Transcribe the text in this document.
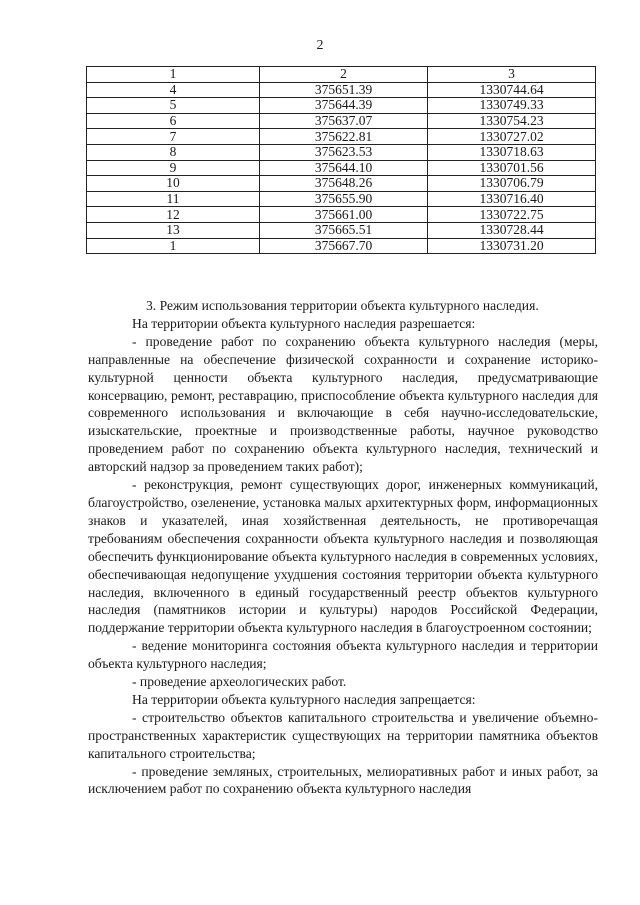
2
1	2	3
4	375651.39	1330744.64
5	375644.39	1330749.33
6	375637.07	1330754.23
7	375622.81	1330727.02
8	375623.53	1330718.63
9	375644.10	1330701.56
10	375648.26	1330706.79
11	375655.90	1330716.40
12	375661.00	1330722.75
13	375665.51	1330728.44
1	375667.70	1330731.20

3. Режим использования территории объекта культурного наследия.

На территории объекта культурного наследия разрешается:

- проведение работ по сохранению объекта культурного наследия (меры, направленные на обеспечение физической сохранности и сохранение историко-культурной ценности объекта культурного наследия, предусматривающие консервацию, ремонт, реставрацию, приспособление объекта культурного наследия для современного использования и включающие в себя научно-исследовательские, изыскательские, проектные и производственные работы, научное руководство проведением работ по сохранению объекта культурного наследия, технический и авторский надзор за проведением таких работ);

- реконструкция, ремонт существующих дорог, инженерных коммуникаций, благоустройство, озеленение, установка малых архитектурных форм, информационных знаков и указателей, иная хозяйственная деятельность, не противоречащая требованиям обеспечения сохранности объекта культурного наследия и позволяющая обеспечить функционирование объекта культурного наследия в современных условиях, обеспечивающая недопущение ухудшения состояния территории объекта культурного наследия, включенного в единый государственный реестр объектов культурного наследия (памятников истории и культуры) народов Российской Федерации, поддержание территории объекта культурного наследия в благоустроенном состоянии;

- ведение мониторинга состояния объекта культурного наследия и территории объекта культурного наследия;

- проведение археологических работ.

На территории объекта культурного наследия запрещается:

- строительство объектов капитального строительства и увеличение объемно-пространственных характеристик существующих на территории памятника объектов капитального строительства;

- проведение земляных, строительных, мелиоративных работ и иных работ, за исключением работ по сохранению объекта культурного наследия
